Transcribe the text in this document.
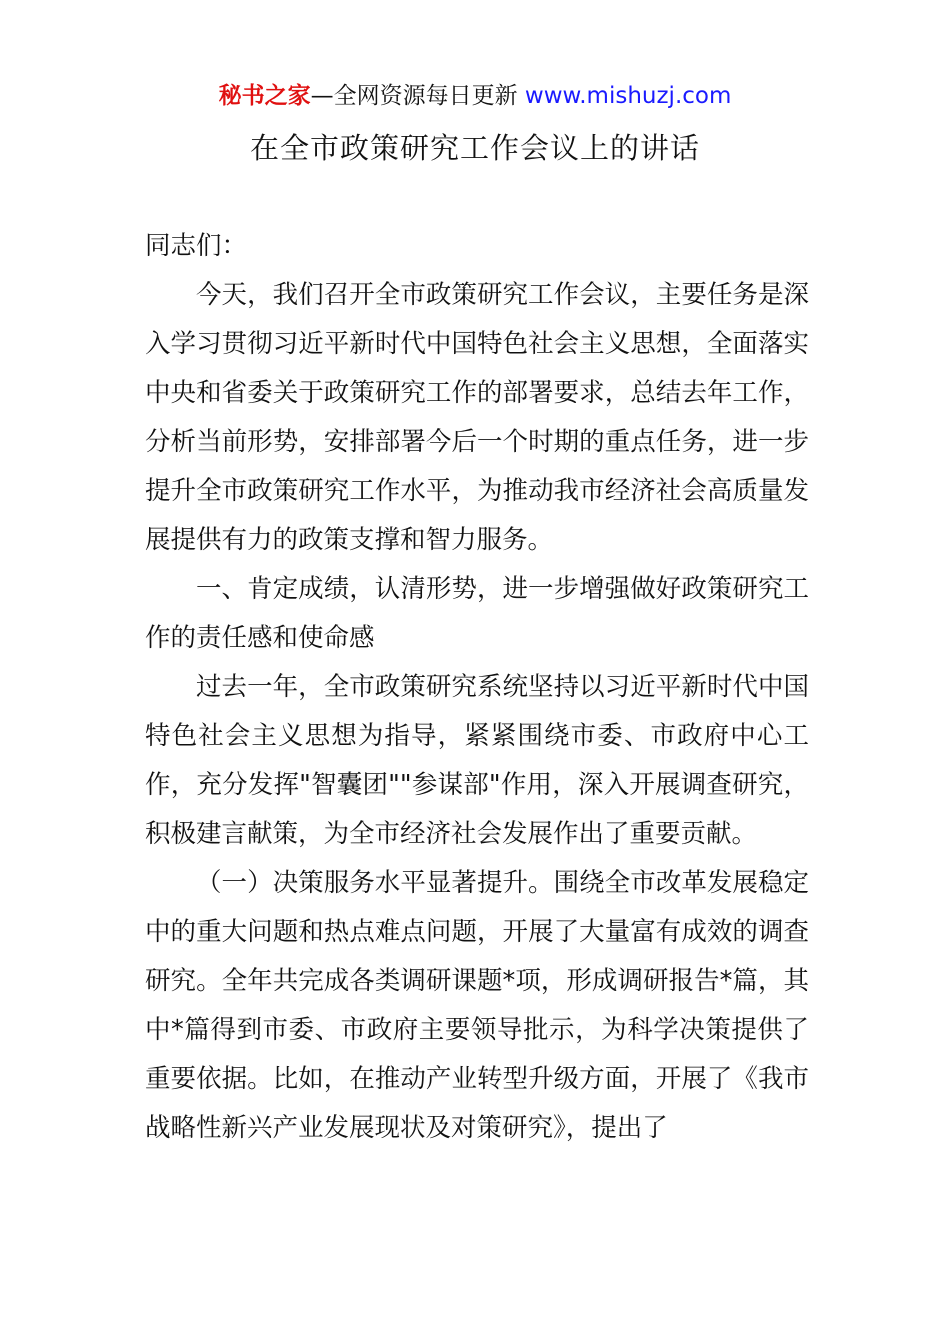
秘书之家—全网资源每日更新 www.mishuzj.com
在全市政策研究工作会议上的讲话

同志们：

今天，我们召开全市政策研究工作会议，主要任务是深入学习贯彻习近平新时代中国特色社会主义思想，全面落实中央和省委关于政策研究工作的部署要求，总结去年工作，分析当前形势，安排部署今后一个时期的重点任务，进一步提升全市政策研究工作水平，为推动我市经济社会高质量发展提供有力的政策支撑和智力服务。

一、肯定成绩，认清形势，进一步增强做好政策研究工作的责任感和使命感

过去一年，全市政策研究系统坚持以习近平新时代中国特色社会主义思想为指导，紧紧围绕市委、市政府中心工作，充分发挥"智囊团""参谋部"作用，深入开展调查研究，积极建言献策，为全市经济社会发展作出了重要贡献。

（一）决策服务水平显著提升。围绕全市改革发展稳定中的重大问题和热点难点问题，开展了大量富有成效的调查研究。全年共完成各类调研课题*项，形成调研报告*篇，其中*篇得到市委、市政府主要领导批示，为科学决策提供了重要依据。比如，在推动产业转型升级方面，开展了《我市战略性新兴产业发展现状及对策研究》，提出了
